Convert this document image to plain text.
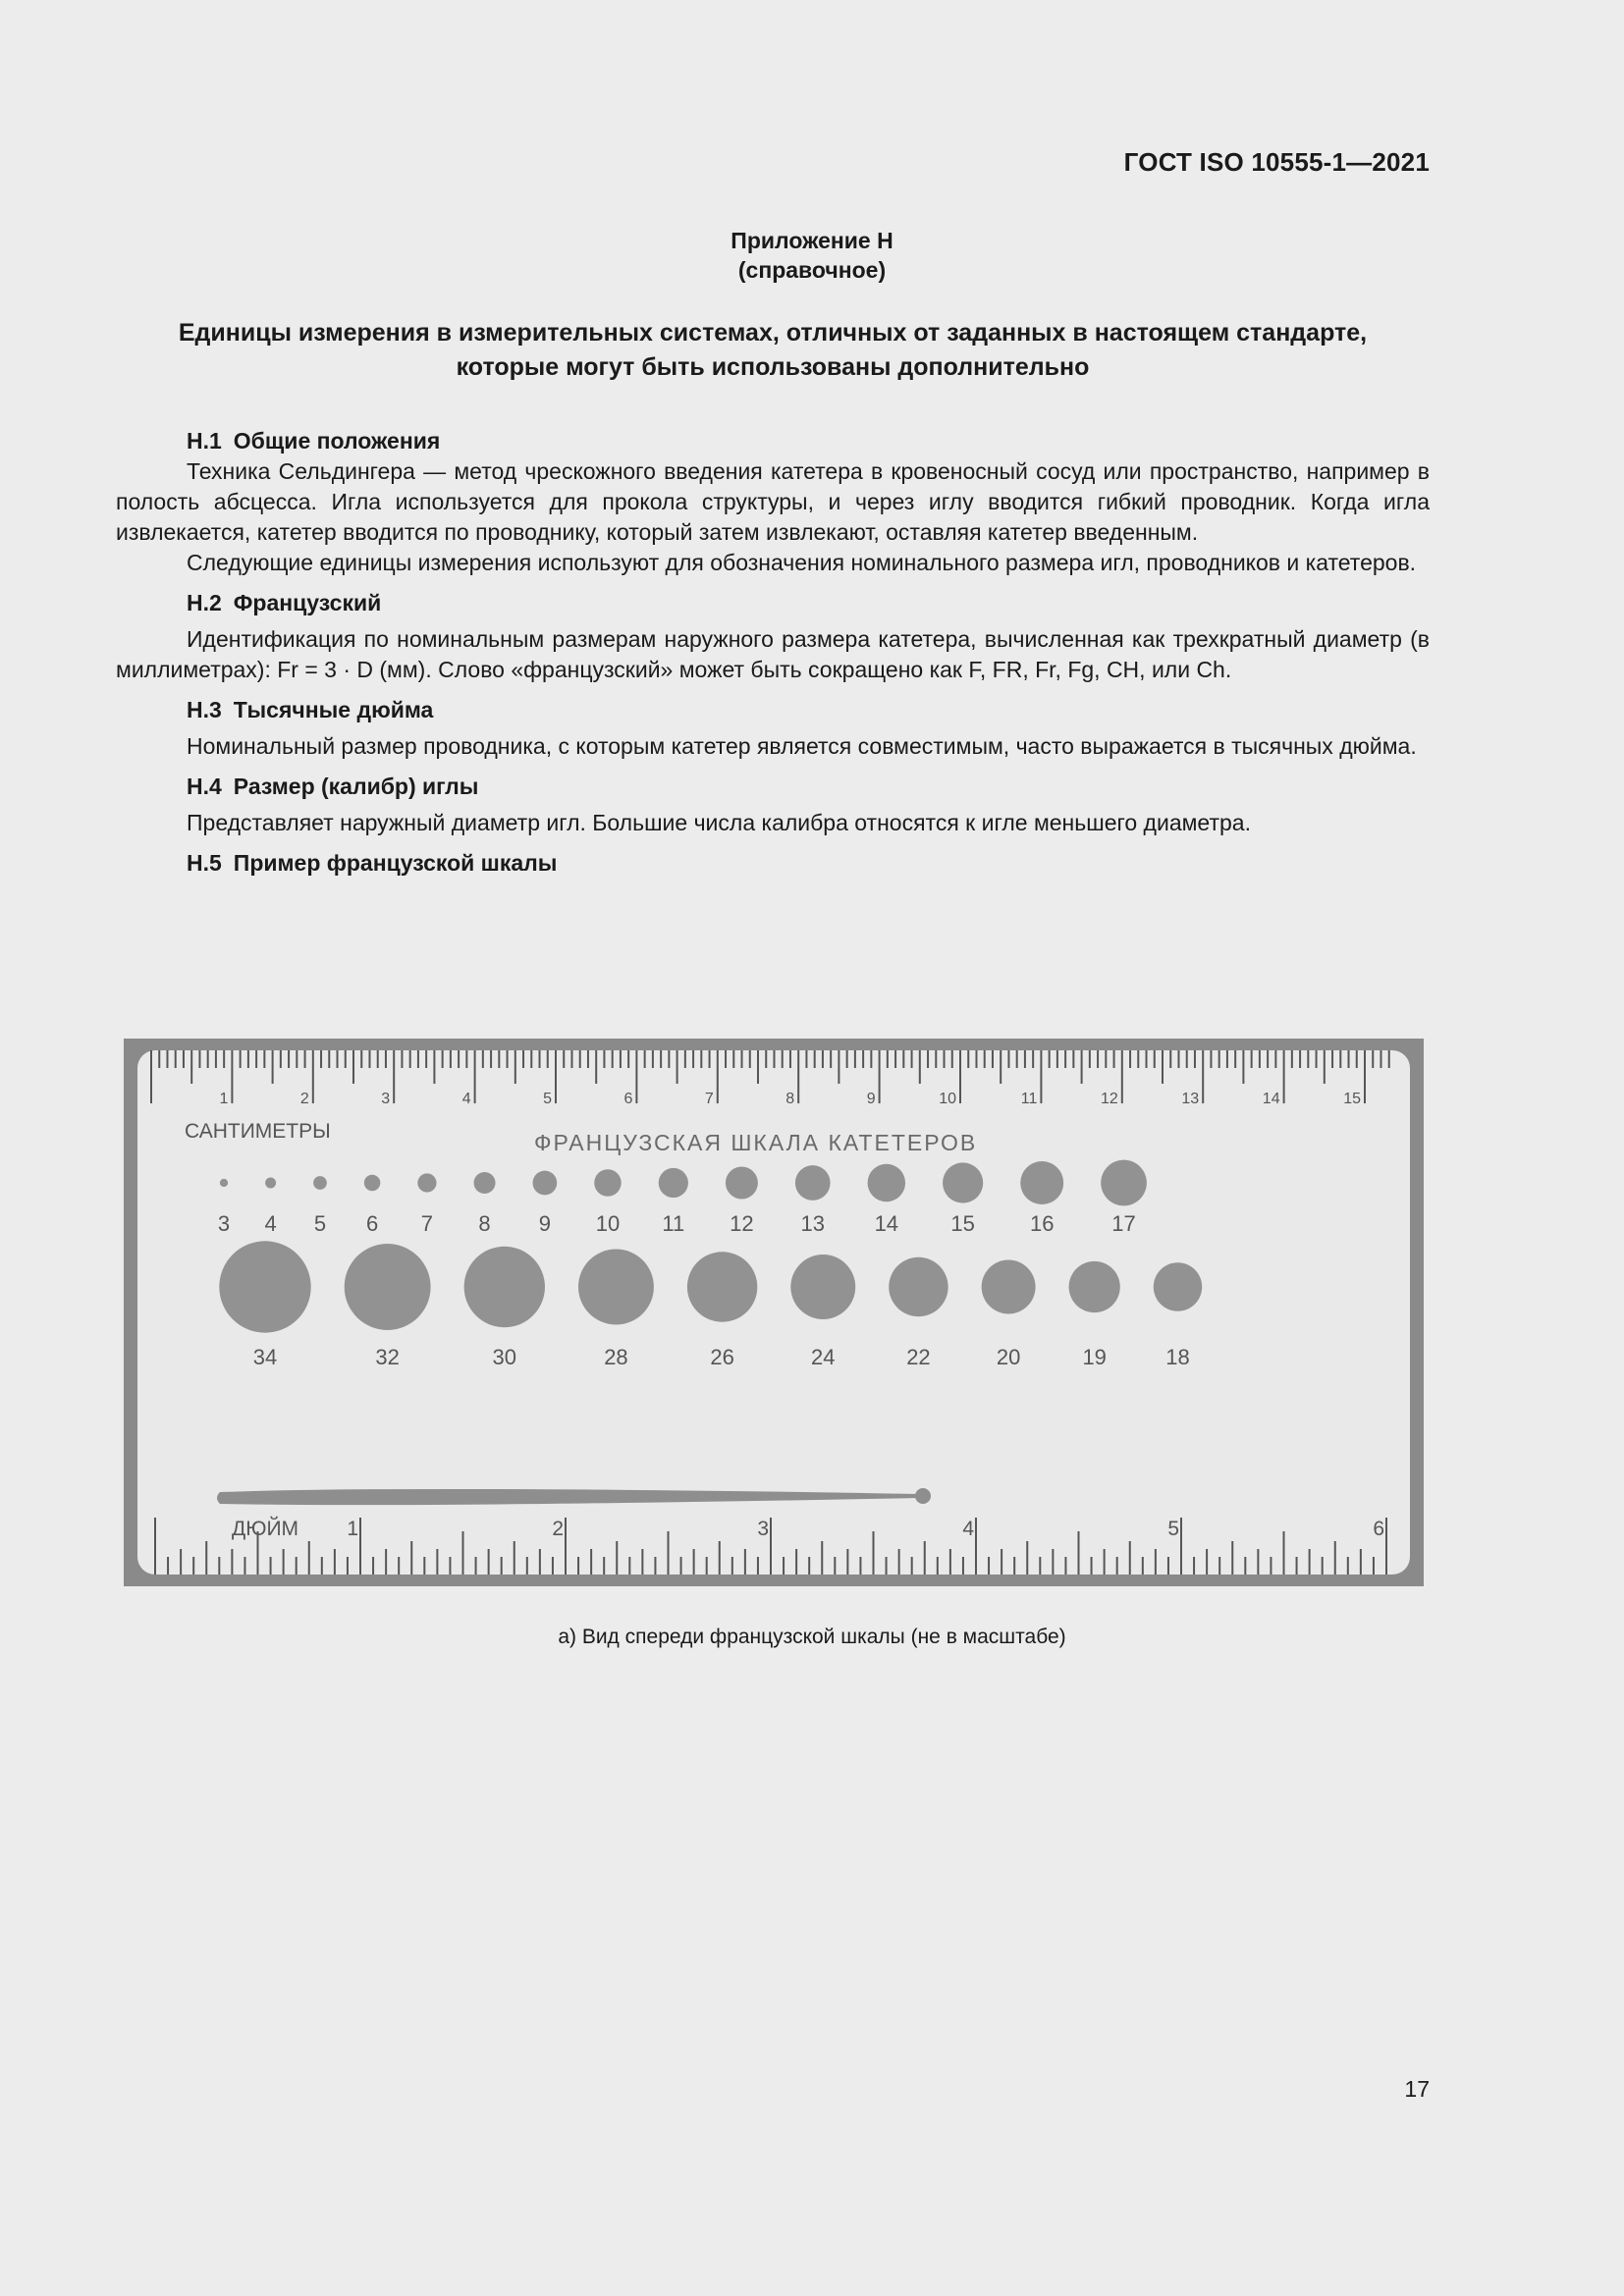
ГОСТ ISO 10555-1—2021
Приложение Н
(справочное)
Единицы измерения в измерительных системах, отличных от заданных в настоящем стандарте, которые могут быть использованы дополнительно
Н.1 Общие положения

Техника Сельдингера — метод чрескожного введения катетера в кровеносный сосуд или пространство, например в полость абсцесса. Игла используется для прокола структуры, и через иглу вводится гибкий проводник. Когда игла извлекается, катетер вводится по проводнику, который затем извлекают, оставляя катетер введенным.

Следующие единицы измерения используют для обозначения номинального размера игл, проводников и катетеров.

Н.2 Французский

Идентификация по номинальным размерам наружного размера катетера, вычисленная как трехкратный диаметр (в миллиметрах): Fr = 3 · D (мм). Слово «французский» может быть сокращено как F, FR, Fr, Fg, CH, или Ch.

Н.3 Тысячные дюйма

Номинальный размер проводника, с которым катетер является совместимым, часто выражается в тысячных дюйма.

Н.4 Размер (калибр) иглы

Представляет наружный диаметр игл. Большие числа калибра относятся к игле меньшего диаметра.

Н.5 Пример французской шкалы
1	2	3	4	5	6	7	8	9	10	11	12	13	14	15
1	2	3	4	5	6
САНТИМЕТРЫ	ФРАНЦУЗСКАЯ ШКАЛА КАТЕТЕРОВ
3 4 5 6 7 8 9 10 11 12 13 14 15	16	17
34	32	30	28	26	24	22	20	19	18
ДЮЙМ
а) Вид спереди французской шкалы (не в масштабе)
17
